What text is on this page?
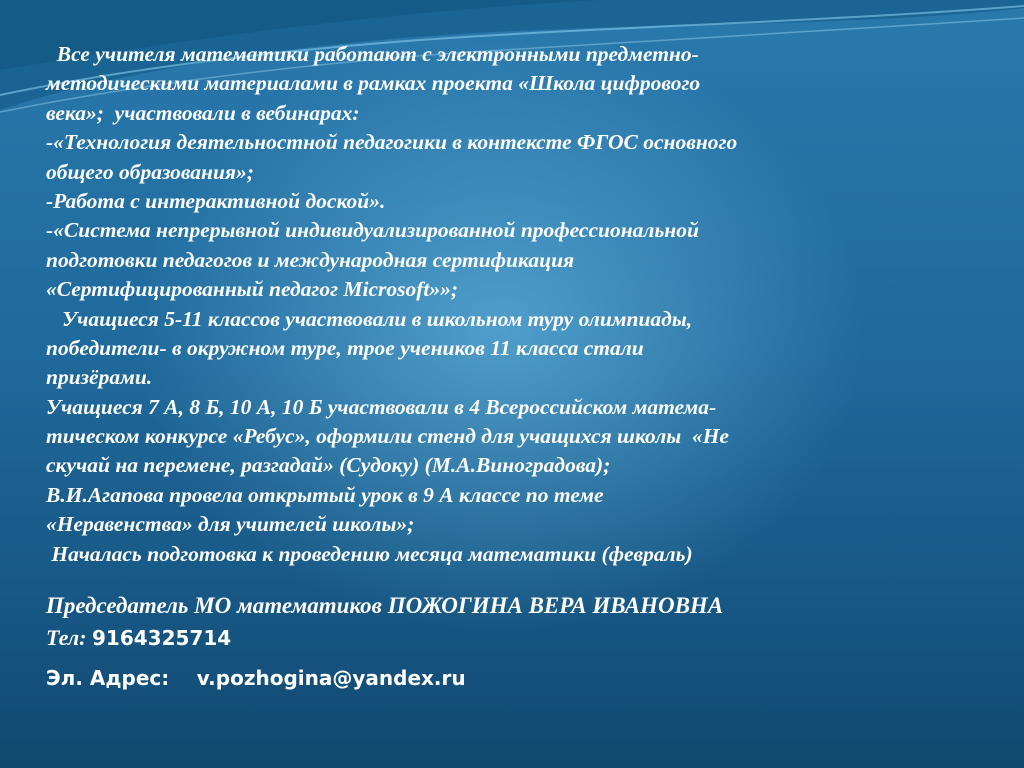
Все учителя математики работают с электронными предметно-
методическими материалами в рамках проекта «Школа цифрового
века»;  участвовали в вебинарах:
-«Технология деятельностной педагогики в контексте ФГОС основного
общего образования»;
-Работа с интерактивной доской».
-«Система непрерывной индивидуализированной профессиональной
подготовки педагогов и международная сертификация
«Сертифицированный педагог Microsoft»»;
Учащиеся 5-11 классов участвовали в школьном туру олимпиады,
победители- в окружном туре, трое учеников 11 класса стали
призёрами.
Учащиеся 7 А, 8 Б, 10 А, 10 Б участвовали в 4 Всероссийском матема-
тическом конкурсе «Ребус», оформили стенд для учащихся школы  «Не
скучай на перемене, разгадай» (Судоку) (М.А.Виноградова);
В.И.Агапова провела открытый урок в 9 А классе по теме
«Неравенства» для учителей школы»;
Началась подготовка к проведению месяца математики (февраль)
Председатель МО математиков ПОЖОГИНА ВЕРА ИВАНОВНА
Тел: 9164325714
Эл. Адрес: v.pozhogina@yandex.ru
